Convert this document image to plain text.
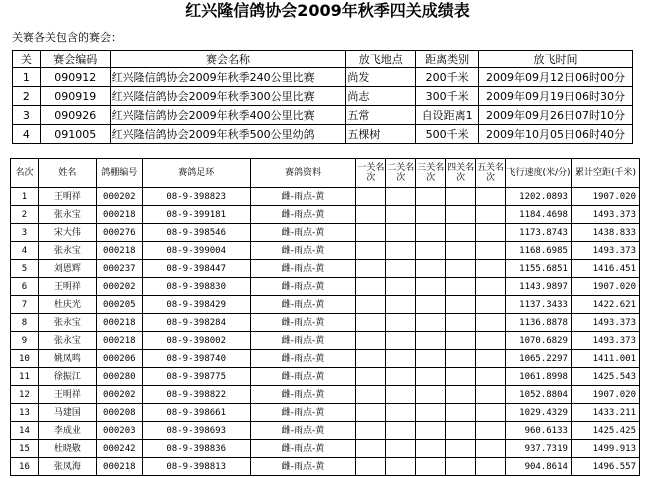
红兴隆信鸽协会2009年秋季四关成绩表
关赛各关包含的赛会：
关	赛会编码	赛会名称	放飞地点	距离类别	放飞时间
1	090912	红兴隆信鸽协会2009年秋季240公里比赛	尚发	200千米	2009年09月12日06时00分
2	090919	红兴隆信鸽协会2009年秋季300公里比赛	尚志	300千米	2009年09月19日06时30分
3	090926	红兴隆信鸽协会2009年秋季400公里比赛	五常	自设距离1	2009年09月26日07时10分
4	091005	红兴隆信鸽协会2009年秋季500公里幼鸽	五棵树	500千米	2009年10月05日06时40分
名次	姓名	鸽棚编号	赛鸽足环	赛鸽资料	一关名次	二关名次	三关名次	四关名次	五关名次	飞行速度(米/分)	累计空距(千米)
1	王明祥	000202	08-9-398823	雌-雨点-黄						1202.0893	1907.020
2	张永宝	000218	08-9-399181	雌-雨点-黄						1184.4698	1493.373
3	宋大伟	000276	08-9-398546	雌-雨点-黄						1173.8743	1438.833
4	张永宝	000218	08-9-399004	雌-雨点-黄						1168.6985	1493.373
5	刘恩辉	000237	08-9-398447	雌-雨点-黄						1155.6851	1416.451
6	王明祥	000202	08-9-398830	雌-雨点-黄						1143.9897	1907.020
7	杜庆光	000205	08-9-398429	雌-雨点-黄						1137.3433	1422.621
8	张永宝	000218	08-9-398284	雌-雨点-黄						1136.8878	1493.373
9	张永宝	000218	08-9-398002	雌-雨点-黄						1070.6829	1493.373
10	姚凤鸣	000206	08-9-398740	雌-雨点-黄						1065.2297	1411.001
11	徐振江	000280	08-9-398775	雌-雨点-黄						1061.8998	1425.543
12	王明祥	000202	08-9-398822	雌-雨点-黄						1052.8804	1907.020
13	马建国	000208	08-9-398661	雌-雨点-黄						1029.4329	1433.211
14	李成业	000203	08-9-398693	雌-雨点-黄						960.6133	1425.425
15	杜晓敬	000242	08-9-398836	雌-雨点-黄						937.7319	1499.913
16	张凤海	000218	08-9-398813	雌-雨点-黄						904.8614	1496.557
